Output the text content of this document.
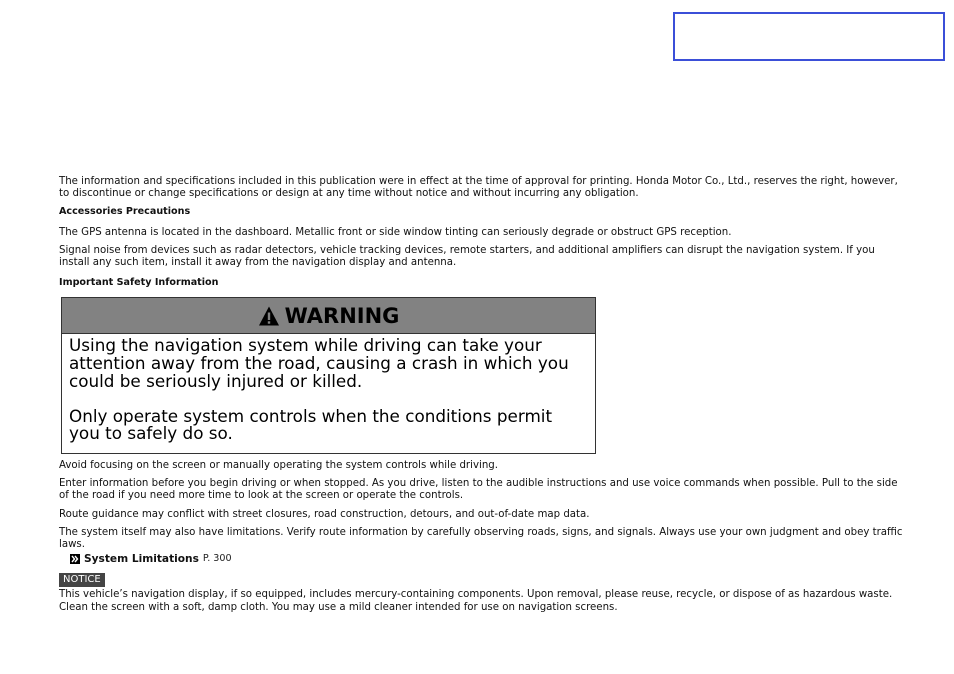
The information and specifications included in this publication were in effect at the time of approval for printing. Honda Motor Co., Ltd., reserves the right, however, to discontinue or change specifications or design at any time without notice and without incurring any obligation.

Accessories Precautions

The GPS antenna is located in the dashboard. Metallic front or side window tinting can seriously degrade or obstruct GPS reception.

Signal noise from devices such as radar detectors, vehicle tracking devices, remote starters, and additional amplifiers can disrupt the navigation system. If you install any such item, install it away from the navigation display and antenna.

Important Safety Information
WARNING

Using the navigation system while driving can take your attention away from the road, causing a crash in which you could be seriously injured or killed.

Only operate system controls when the conditions permit you to safely do so.

Avoid focusing on the screen or manually operating the system controls while driving.

Enter information before you begin driving or when stopped. As you drive, listen to the audible instructions and use voice commands when possible. Pull to the side of the road if you need more time to look at the screen or operate the controls.

Route guidance may conflict with street closures, road construction, detours, and out-of-date map data.

The system itself may also have limitations. Verify route information by carefully observing roads, signs, and signals. Always use your own judgment and obey traffic laws.

System Limitations P. 300
NOTICE

This vehicle’s navigation display, if so equipped, includes mercury-containing components. Upon removal, please reuse, recycle, or dispose of as hazardous waste. Clean the screen with a soft, damp cloth. You may use a mild cleaner intended for use on navigation screens.
